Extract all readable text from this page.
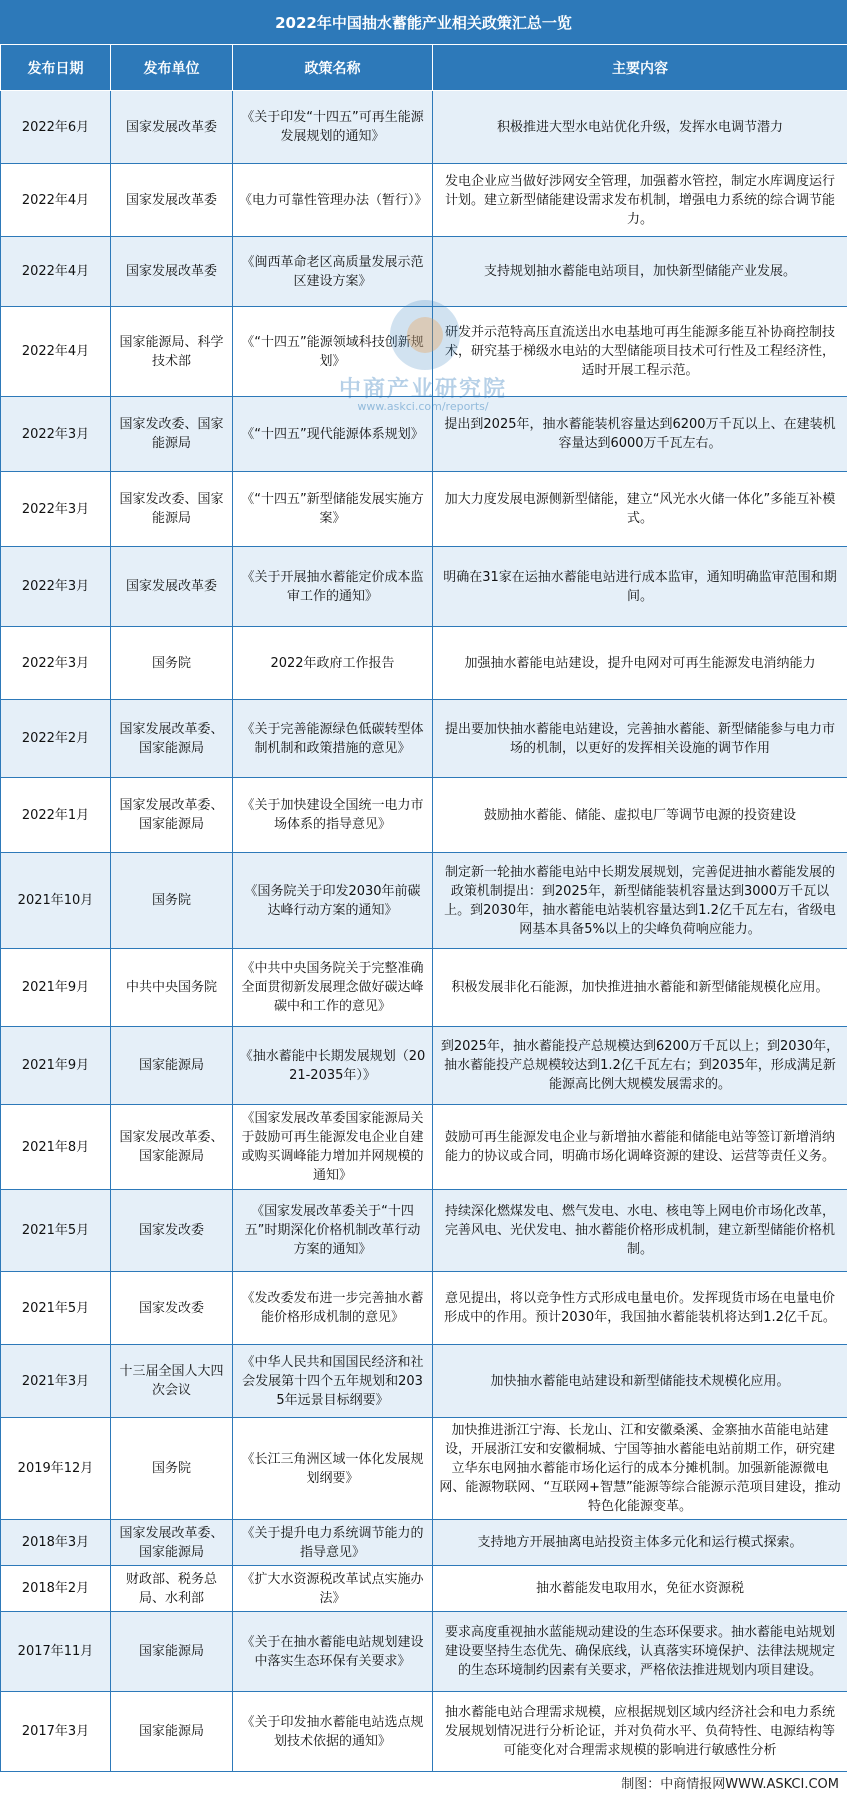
2022年中国抽水蓄能产业相关政策汇总一览
发布日期	发布单位	政策名称	主要内容
2022年6月	国家发展改革委	《关于印发“十四五”可再生能源发展规划的通知》	积极推进大型水电站优化升级，发挥水电调节潜力
2022年4月	国家发展改革委	《电力可靠性管理办法（暂行）》	发电企业应当做好涉网安全管理，加强蓄水管控，制定水库调度运行计划。建立新型储能建设需求发布机制，增强电力系统的综合调节能力。
2022年4月	国家发展改革委	《闽西革命老区高质量发展示范区建设方案》	支持规划抽水蓄能电站项目，加快新型储能产业发展。
2022年4月	国家能源局、科学技术部	《“十四五”能源领域科技创新规划》	研发并示范特高压直流送出水电基地可再生能源多能互补协商控制技术，研究基于梯级水电站的大型储能项目技术可行性及工程经济性，适时开展工程示范。
2022年3月	国家发改委、国家能源局	《“十四五”现代能源体系规划》	提出到2025年，抽水蓄能装机容量达到6200万千瓦以上、在建装机容量达到6000万千瓦左右。
2022年3月	国家发改委、国家能源局	《“十四五”新型储能发展实施方案》	加大力度发展电源侧新型储能，建立“风光水火储一体化”多能互补模式。
2022年3月	国家发展改革委	《关于开展抽水蓄能定价成本监审工作的通知》	明确在31家在运抽水蓄能电站进行成本监审，通知明确监审范围和期间。
2022年3月	国务院	2022年政府工作报告	加强抽水蓄能电站建设，提升电网对可再生能源发电消纳能力
2022年2月	国家发展改革委、国家能源局	《关于完善能源绿色低碳转型体制机制和政策措施的意见》	提出要加快抽水蓄能电站建设，完善抽水蓄能、新型储能参与电力市场的机制，以更好的发挥相关设施的调节作用
2022年1月	国家发展改革委、国家能源局	《关于加快建设全国统一电力市场体系的指导意见》	鼓励抽水蓄能、储能、虚拟电厂等调节电源的投资建设
2021年10月	国务院	《国务院关于印发2030年前碳达峰行动方案的通知》	制定新一轮抽水蓄能电站中长期发展规划，完善促进抽水蓄能发展的政策机制提出：到2025年，新型储能装机容量达到3000万千瓦以上。到2030年，抽水蓄能电站装机容量达到1.2亿千瓦左右，省级电网基本具备5%以上的尖峰负荷响应能力。
2021年9月	中共中央国务院	《中共中央国务院关于完整准确全面贯彻新发展理念做好碳达峰碳中和工作的意见》	积极发展非化石能源，加快推进抽水蓄能和新型储能规模化应用。
2021年9月	国家能源局	《抽水蓄能中长期发展规划（2021-2035年）》	到2025年，抽水蓄能投产总规模达到6200万千瓦以上；到2030年，抽水蓄能投产总规模较达到1.2亿千瓦左右；到2035年，形成满足新能源高比例大规模发展需求的。
2021年8月	国家发展改革委、国家能源局	《国家发展改革委国家能源局关于鼓励可再生能源发电企业自建或购买调峰能力增加并网规模的通知》	鼓励可再生能源发电企业与新增抽水蓄能和储能电站等签订新增消纳能力的协议或合同，明确市场化调峰资源的建设、运营等责任义务。
2021年5月	国家发改委	《国家发展改革委关于“十四五”时期深化价格机制改革行动方案的通知》	持续深化燃煤发电、燃气发电、水电、核电等上网电价市场化改革，完善风电、光伏发电、抽水蓄能价格形成机制，建立新型储能价格机制。
2021年5月	国家发改委	《发改委发布进一步完善抽水蓄能价格形成机制的意见》	意见提出，将以竞争性方式形成电量电价。发挥现货市场在电量电价形成中的作用。预计2030年，我国抽水蓄能装机将达到1.2亿千瓦。
2021年3月	十三届全国人大四次会议	《中华人民共和国国民经济和社会发展第十四个五年规划和2035年远景目标纲要》	加快抽水蓄能电站建设和新型储能技术规模化应用。
2019年12月	国务院	《长江三角洲区域一体化发展规划纲要》	加快推进浙江宁海、长龙山、江和安徽桑溪、金寨抽水苗能电站建设，开展浙江安和安徽桐城、宁国等抽水蓄能电站前期工作，研究建立华东电网抽水蓄能市场化运行的成本分摊机制。加强新能源微电网、能源物联网、“互联网+智慧”能源等综合能源示范项目建设，推动特色化能源变革。
2018年3月	国家发展改革委、国家能源局	《关于提升电力系统调节能力的指导意见》	支持地方开展抽离电站投资主体多元化和运行模式探索。
2018年2月	财政部、税务总局、水利部	《扩大水资源税改革试点实施办法》	抽水蓄能发电取用水，免征水资源税
2017年11月	国家能源局	《关于在抽水蓄能电站规划建设中落实生态环保有关要求》	要求高度重视抽水蓝能规动建设的生态环保要求。抽水蓄能电站规划建设要坚持生态优先、确保底线，认真落实环境保护、法律法规规定的生态环境制约因素有关要求，严格依法推进规划内项目建设。
2017年3月	国家能源局	《关于印发抽水蓄能电站选点规划技术依据的通知》	抽水蓄能电站合理需求规模，应根据规划区域内经济社会和电力系统发展规划情况进行分析论证，并对负荷水平、负荷特性、电源结构等可能变化对合理需求规模的影响进行敏感性分析
中商产业研究院
www.askci.com/reports/
制图：中商情报网WWW.ASKCI.COM
